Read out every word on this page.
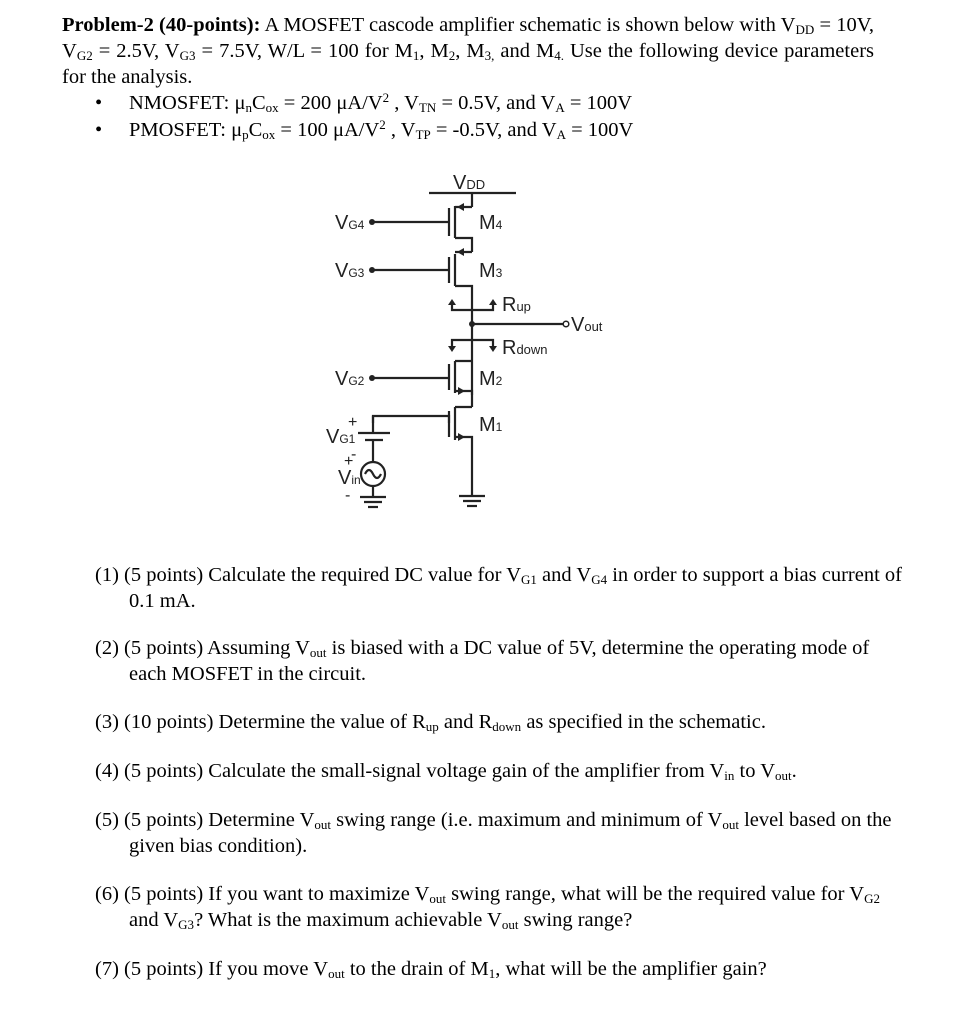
Problem-2 (40-points): A MOSFET cascode amplifier schematic is shown below with $V_{DD} = 10V$, $V_{G2} = 2.5V$, $V_{G3} = 7.5V$, W/L = 100 for $M_1$, $M_2$, $M_{3,}$ and $M_{4.}$ Use the following device parameters for the analysis.
• NMOSFET: $\mu_nC_{ox} = 200$ $\mu A/V^2$ , $V_{TN} = 0.5V$, and $V_A = 100V$
• PMOSFET: $\mu_pC_{ox} = 100$ $\mu A/V^2$ , $V_{TP} = -0.5V$, and $V_A = 100V$
VDD
VG4
VG3
VG2
VG1
+
-
+
Vin
-
M4
M3
M2
M1
Rup
Rdown
Vout
(1) (5 points) Calculate the required DC value for $V_{G1}$ and $V_{G4}$ in order to support a bias current of 0.1 mA.
(2) (5 points) Assuming $V_{out}$ is biased with a DC value of 5V, determine the operating mode of each MOSFET in the circuit.
(3) (10 points) Determine the value of $R_{up}$ and $R_{down}$ as specified in the schematic.
(4) (5 points) Calculate the small-signal voltage gain of the amplifier from $V_{in}$ to $V_{out}$.
(5) (5 points) Determine $V_{out}$ swing range (i.e. maximum and minimum of $V_{out}$ level based on the given bias condition).
(6) (5 points) If you want to maximize $V_{out}$ swing range, what will be the required value for $V_{G2}$ and $V_{G3}$? What is the maximum achievable $V_{out}$ swing range?
(7) (5 points) If you move $V_{out}$ to the drain of $M_1$, what will be the amplifier gain?
